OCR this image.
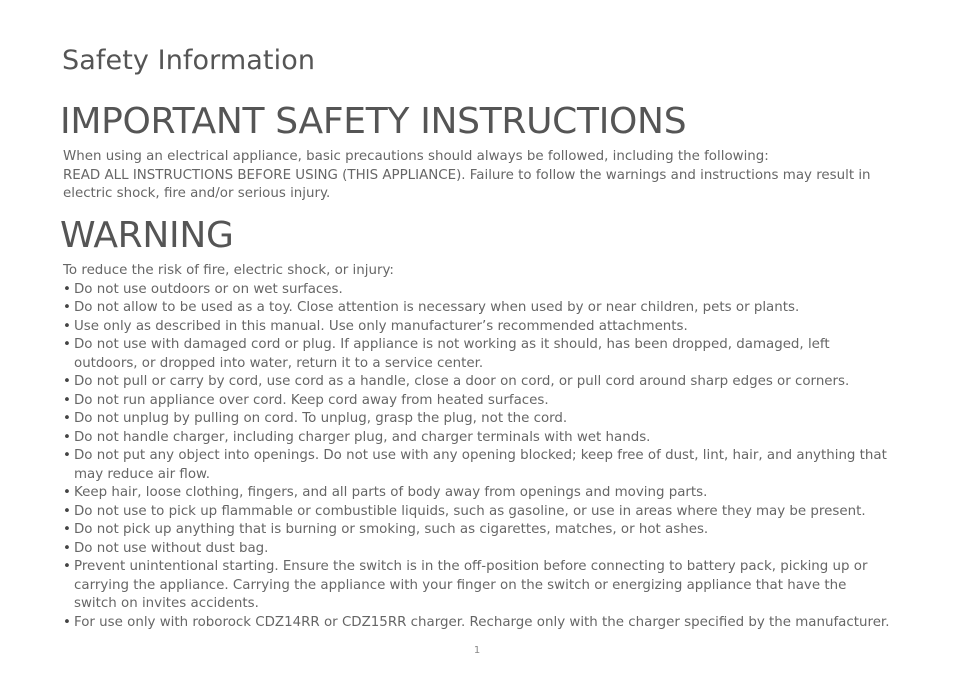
Safety Information
IMPORTANT SAFETY INSTRUCTIONS

When using an electrical appliance, basic precautions should always be followed, including the following:

READ ALL INSTRUCTIONS BEFORE USING (THIS APPLIANCE). Failure to follow the warnings and instructions may result in electric shock, fire and/or serious injury.

WARNING

To reduce the risk of fire, electric shock, or injury:

• Do not use outdoors or on wet surfaces.
• Do not allow to be used as a toy. Close attention is necessary when used by or near children, pets or plants.
• Use only as described in this manual. Use only manufacturer’s recommended attachments.
• Do not use with damaged cord or plug. If appliance is not working as it should, has been dropped, damaged, left outdoors, or dropped into water, return it to a service center.
• Do not pull or carry by cord, use cord as a handle, close a door on cord, or pull cord around sharp edges or corners.
• Do not run appliance over cord. Keep cord away from heated surfaces.
• Do not unplug by pulling on cord. To unplug, grasp the plug, not the cord.
• Do not handle charger, including charger plug, and charger terminals with wet hands.
• Do not put any object into openings. Do not use with any opening blocked; keep free of dust, lint, hair, and anything that may reduce air flow.
• Keep hair, loose clothing, fingers, and all parts of body away from openings and moving parts.
• Do not use to pick up flammable or combustible liquids, such as gasoline, or use in areas where they may be present.
• Do not pick up anything that is burning or smoking, such as cigarettes, matches, or hot ashes.
• Do not use without dust bag.
• Prevent unintentional starting. Ensure the switch is in the off-position before connecting to battery pack, picking up or carrying the appliance. Carrying the appliance with your finger on the switch or energizing appliance that have the switch on invites accidents.
• For use only with roborock CDZ14RR or CDZ15RR charger. Recharge only with the charger specified by the manufacturer.
1
